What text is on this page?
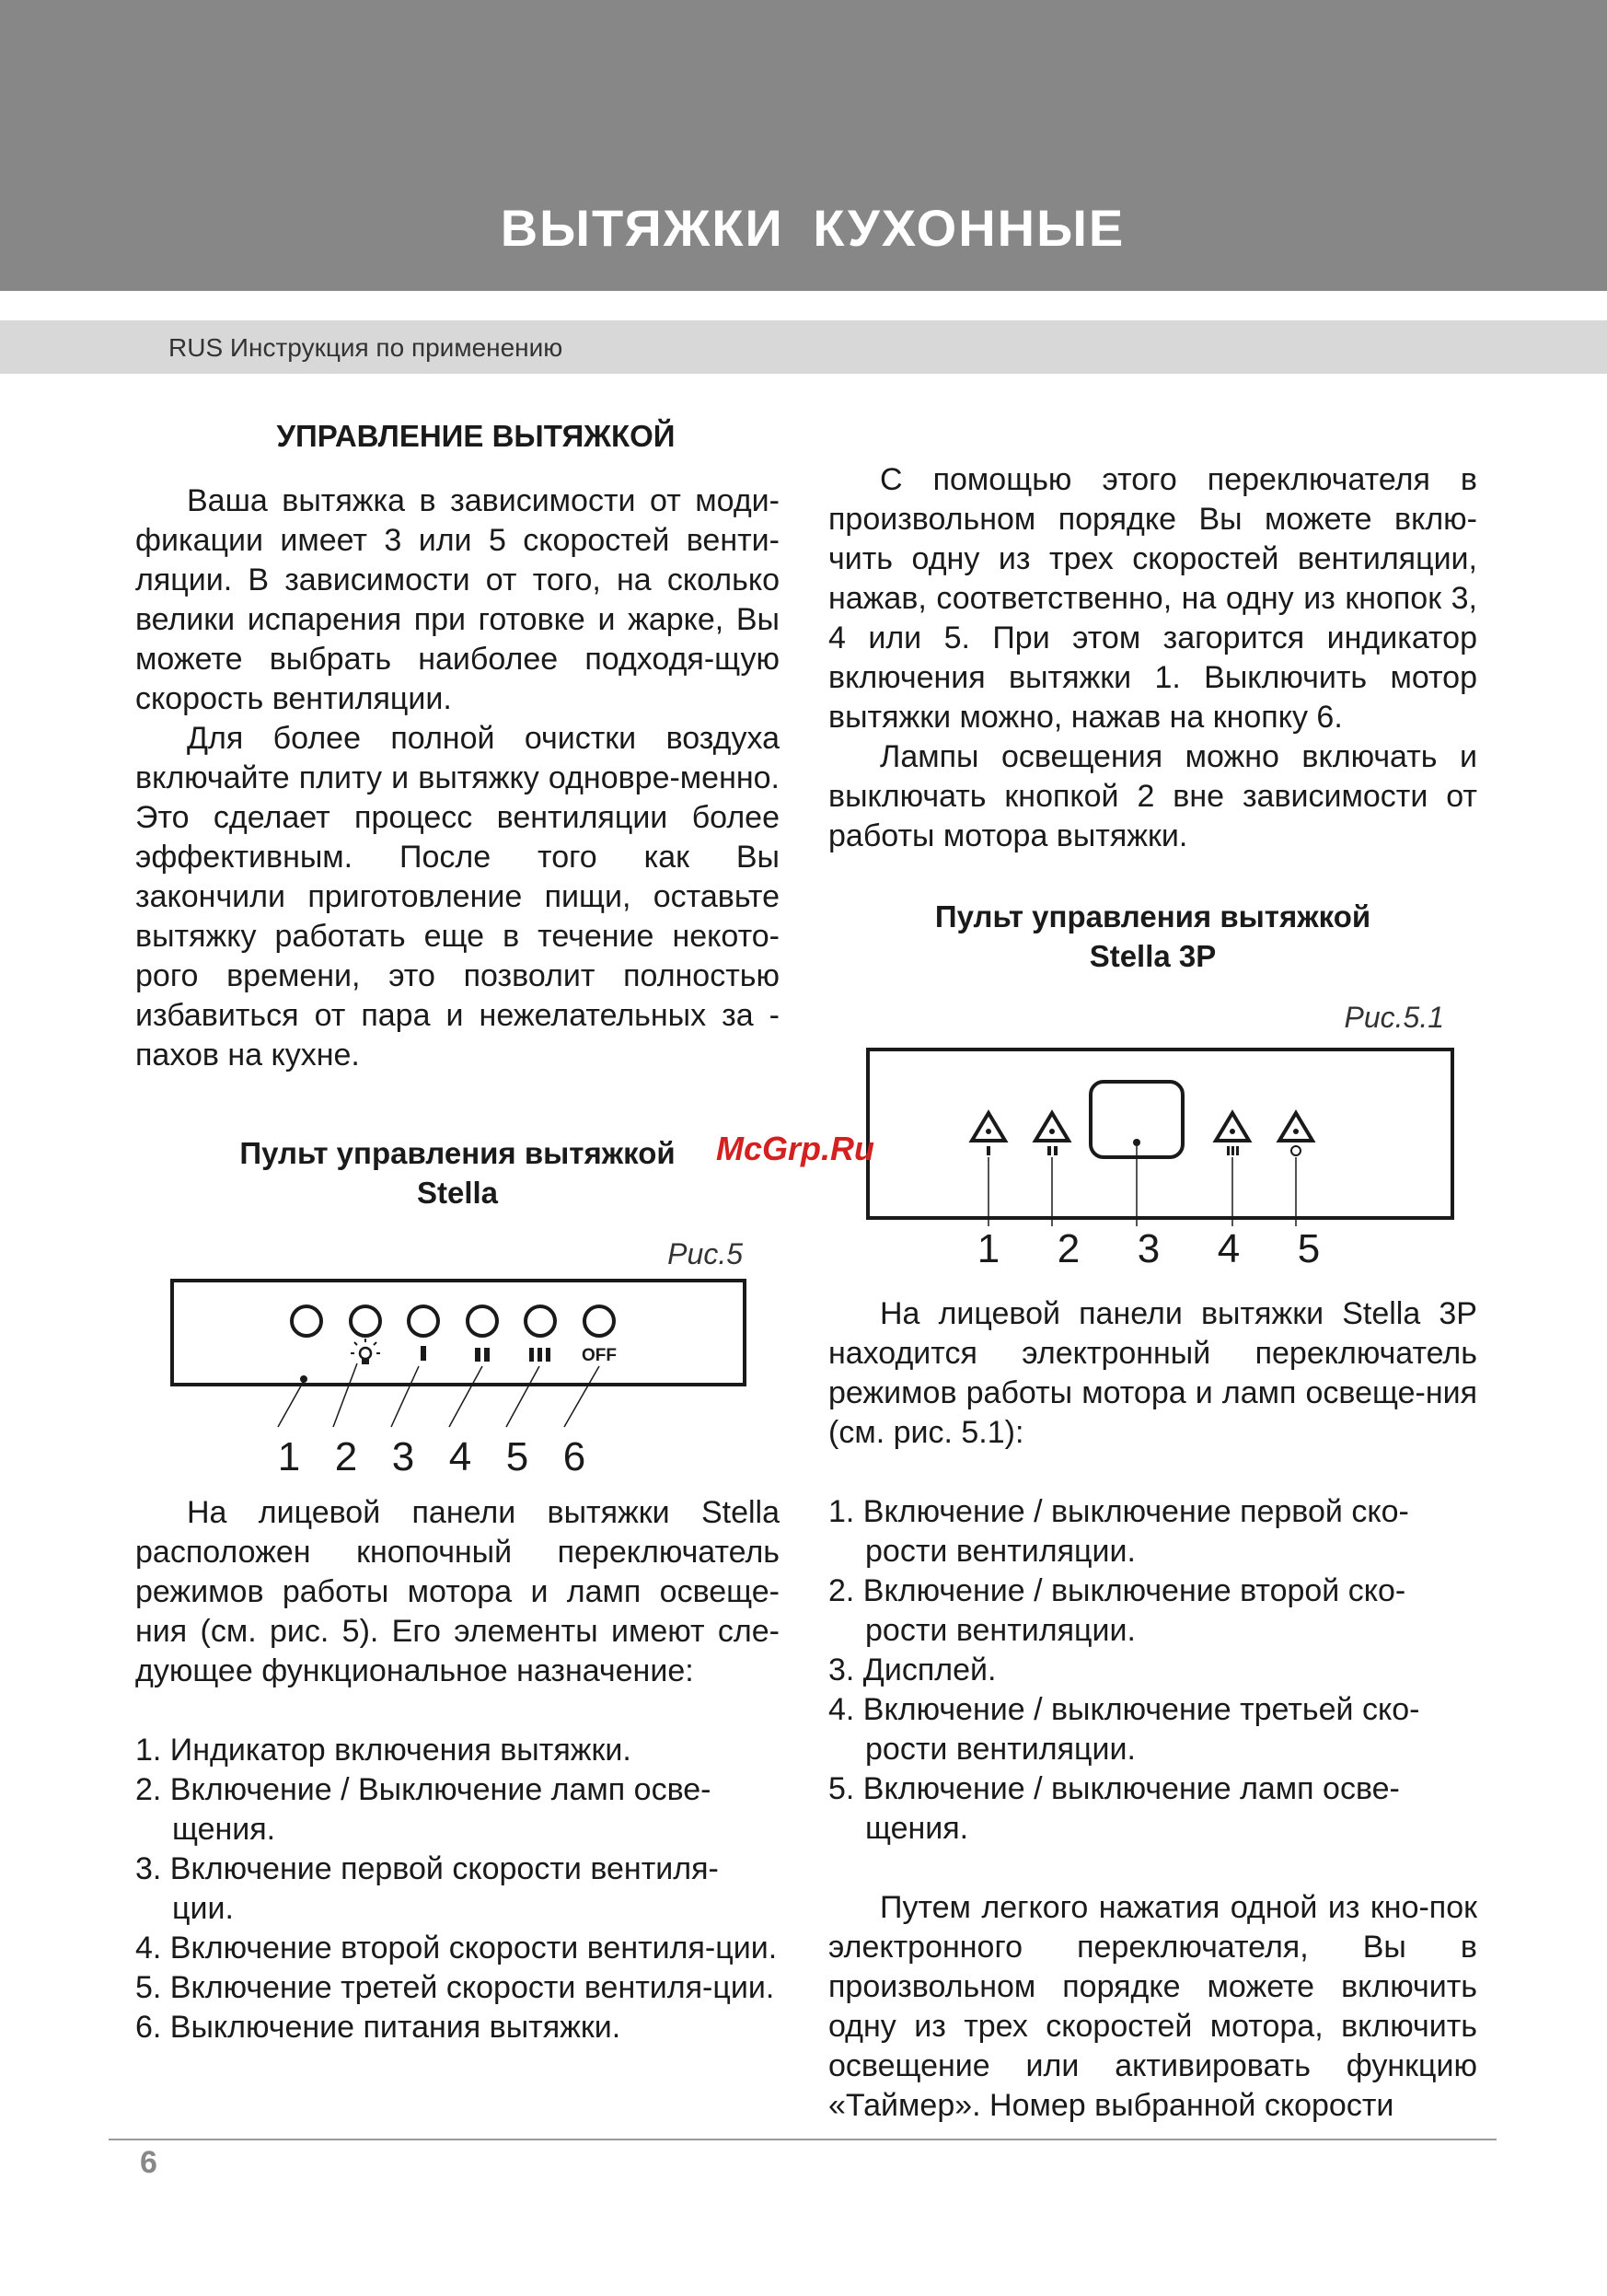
ВЫТЯЖКИ КУХОННЫЕ
RUS Инструкция по применению

УПРАВЛЕНИЕ ВЫТЯЖКОЙ

Ваша вытяжка в зависимости от моди-фикации имеет 3 или 5 скоростей венти-ляции. В зависимости от того, на сколько велики испарения при готовке и жарке, Вы можете выбрать наиболее подходя-щую скорость вентиляции.

Для более полной очистки воздуха включайте плиту и вытяжку одновре-менно. Это сделает процесс вентиляции более эффективным. После того как Вы закончили приготовление пищи, оставьте вытяжку работать еще в течение некото-рого времени, это позволит полностью избавиться от пара и нежелательных за - пахов на кухне.

Пульт управления вытяжкой

Stella

Рис.5

OFF
1 2 3 4 5 6

На лицевой панели вытяжки Stella расположен кнопочный переключатель режимов работы мотора и ламп освеще-ния (см. рис. 5). Его элементы имеют сле-дующее функциональное назначение:

1. Индикатор включения вытяжки.

2. Включение / Выключение ламп осве-щения.

3. Включение первой скорости вентиля-ции.

4. Включение второй скорости вентиля-ции.

5. Включение третей скорости вентиля-ции.

6. Выключение питания вытяжки.

С помощью этого переключателя в произвольном порядке Вы можете вклю-чить одну из трех скоростей вентиляции, нажав, соответственно, на одну из кнопок 3, 4 или 5. При этом загорится индикатор включения вытяжки 1. Выключить мотор вытяжки можно, нажав на кнопку 6.

Лампы освещения можно включать и выключать кнопкой 2 вне зависимости от работы мотора вытяжки.

Пульт управления вытяжкой

Stella 3P

Рис.5.1

1 2 3 4 5

На лицевой панели вытяжки Stella 3P находится электронный переключатель режимов работы мотора и ламп освеще-ния (см. рис. 5.1):

1. Включение / выключение первой ско-рости вентиляции.

2. Включение / выключение второй ско-рости вентиляции.

3. Дисплей.

4. Включение / выключение третьей ско-рости вентиляции.

5. Включение / выключение ламп осве-щения.

Путем легкого нажатия одной из кно-пок электронного переключателя, Вы в произвольном порядке можете включить одну из трех скоростей мотора, включить освещение или активировать функцию «Таймер». Номер выбранной скорости

McGrp.Ru
6
